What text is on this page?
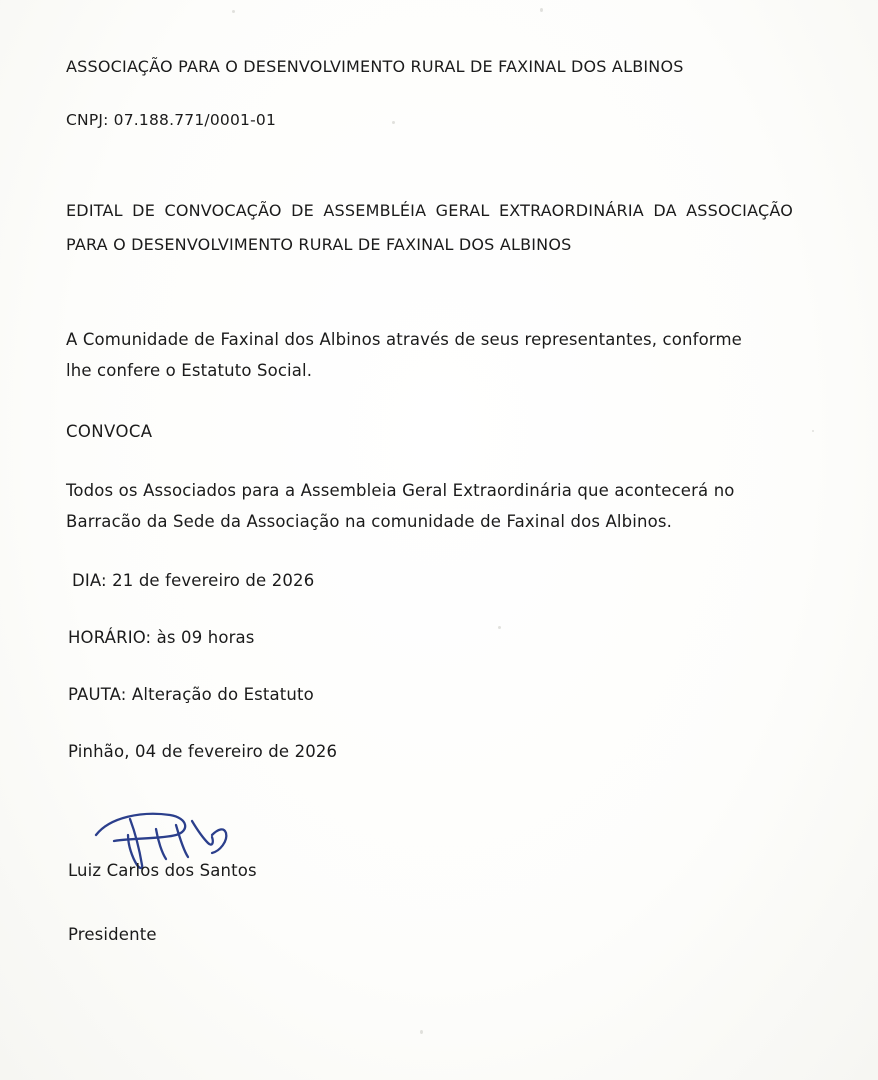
ASSOCIAÇÃO PARA O DESENVOLVIMENTO RURAL DE FAXINAL DOS ALBINOS

CNPJ: 07.188.771/0001-01

EDITAL DE CONVOCAÇÃO DE ASSEMBLÉIA GERAL EXTRAORDINÁRIA DA ASSOCIAÇÃO PARA O DESENVOLVIMENTO RURAL DE FAXINAL DOS ALBINOS

A Comunidade de Faxinal dos Albinos através de seus representantes, conforme lhe confere o Estatuto Social.

CONVOCA

Todos os Associados para a Assembleia Geral Extraordinária que acontecerá no Barracão da Sede da Associação na comunidade de Faxinal dos Albinos.

DIA: 21 de fevereiro de 2026

HORÁRIO: às 09 horas

PAUTA: Alteração do Estatuto

Pinhão, 04 de fevereiro de 2026

Luiz Carlos dos Santos

Presidente
